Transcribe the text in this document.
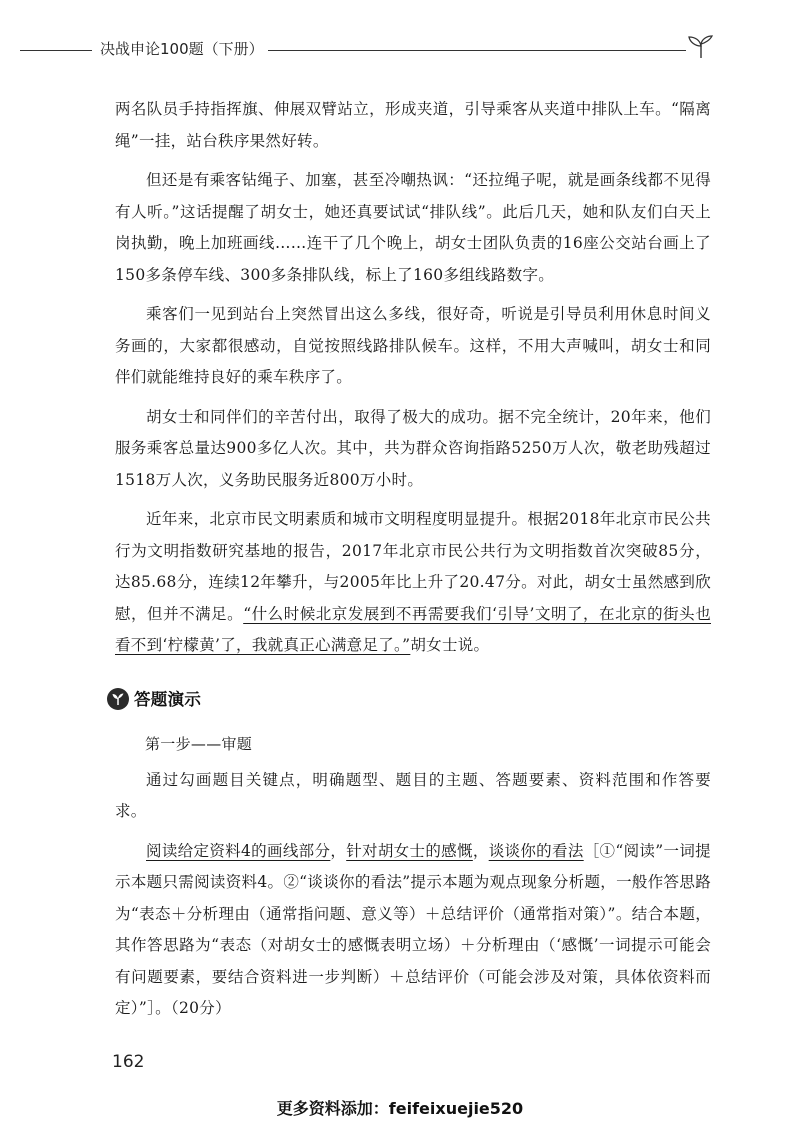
决战申论100题（下册）

两名队员手持指挥旗、伸展双臂站立，形成夹道，引导乘客从夹道中排队上车。“隔离绳”一挂，站台秩序果然好转。

但还是有乘客钻绳子、加塞，甚至冷嘲热讽：“还拉绳子呢，就是画条线都不见得有人听。”这话提醒了胡女士，她还真要试试“排队线”。此后几天，她和队友们白天上岗执勤，晚上加班画线……连干了几个晚上，胡女士团队负责的16座公交站台画上了150多条停车线、300多条排队线，标上了160多组线路数字。

乘客们一见到站台上突然冒出这么多线，很好奇，听说是引导员利用休息时间义务画的，大家都很感动，自觉按照线路排队候车。这样，不用大声喊叫，胡女士和同伴们就能维持良好的乘车秩序了。

胡女士和同伴们的辛苦付出，取得了极大的成功。据不完全统计，20年来，他们服务乘客总量达900多亿人次。其中，共为群众咨询指路5250万人次，敬老助残超过1518万人次，义务助民服务近800万小时。

近年来，北京市民文明素质和城市文明程度明显提升。根据2018年北京市民公共行为文明指数研究基地的报告，2017年北京市民公共行为文明指数首次突破85分，达85.68分，连续12年攀升，与2005年比上升了20.47分。对此，胡女士虽然感到欣慰，但并不满足。“什么时候北京发展到不再需要我们‘引导’文明了，在北京的街头也看不到‘柠檬黄’了，我就真正心满意足了。”胡女士说。

答题演示

第一步——审题

通过勾画题目关键点，明确题型、题目的主题、答题要素、资料范围和作答要求。

阅读给定资料4的画线部分，针对胡女士的感慨，谈谈你的看法［①“阅读”一词提示本题只需阅读资料4。②“谈谈你的看法”提示本题为观点现象分析题，一般作答思路为“表态＋分析理由（通常指问题、意义等）＋总结评价（通常指对策）”。结合本题，其作答思路为“表态（对胡女士的感慨表明立场）＋分析理由（‘感慨’一词提示可能会有问题要素，要结合资料进一步判断）＋总结评价（可能会涉及对策，具体依资料而定）”］。（20分）

162
更多资料添加：feifeixuejie520
